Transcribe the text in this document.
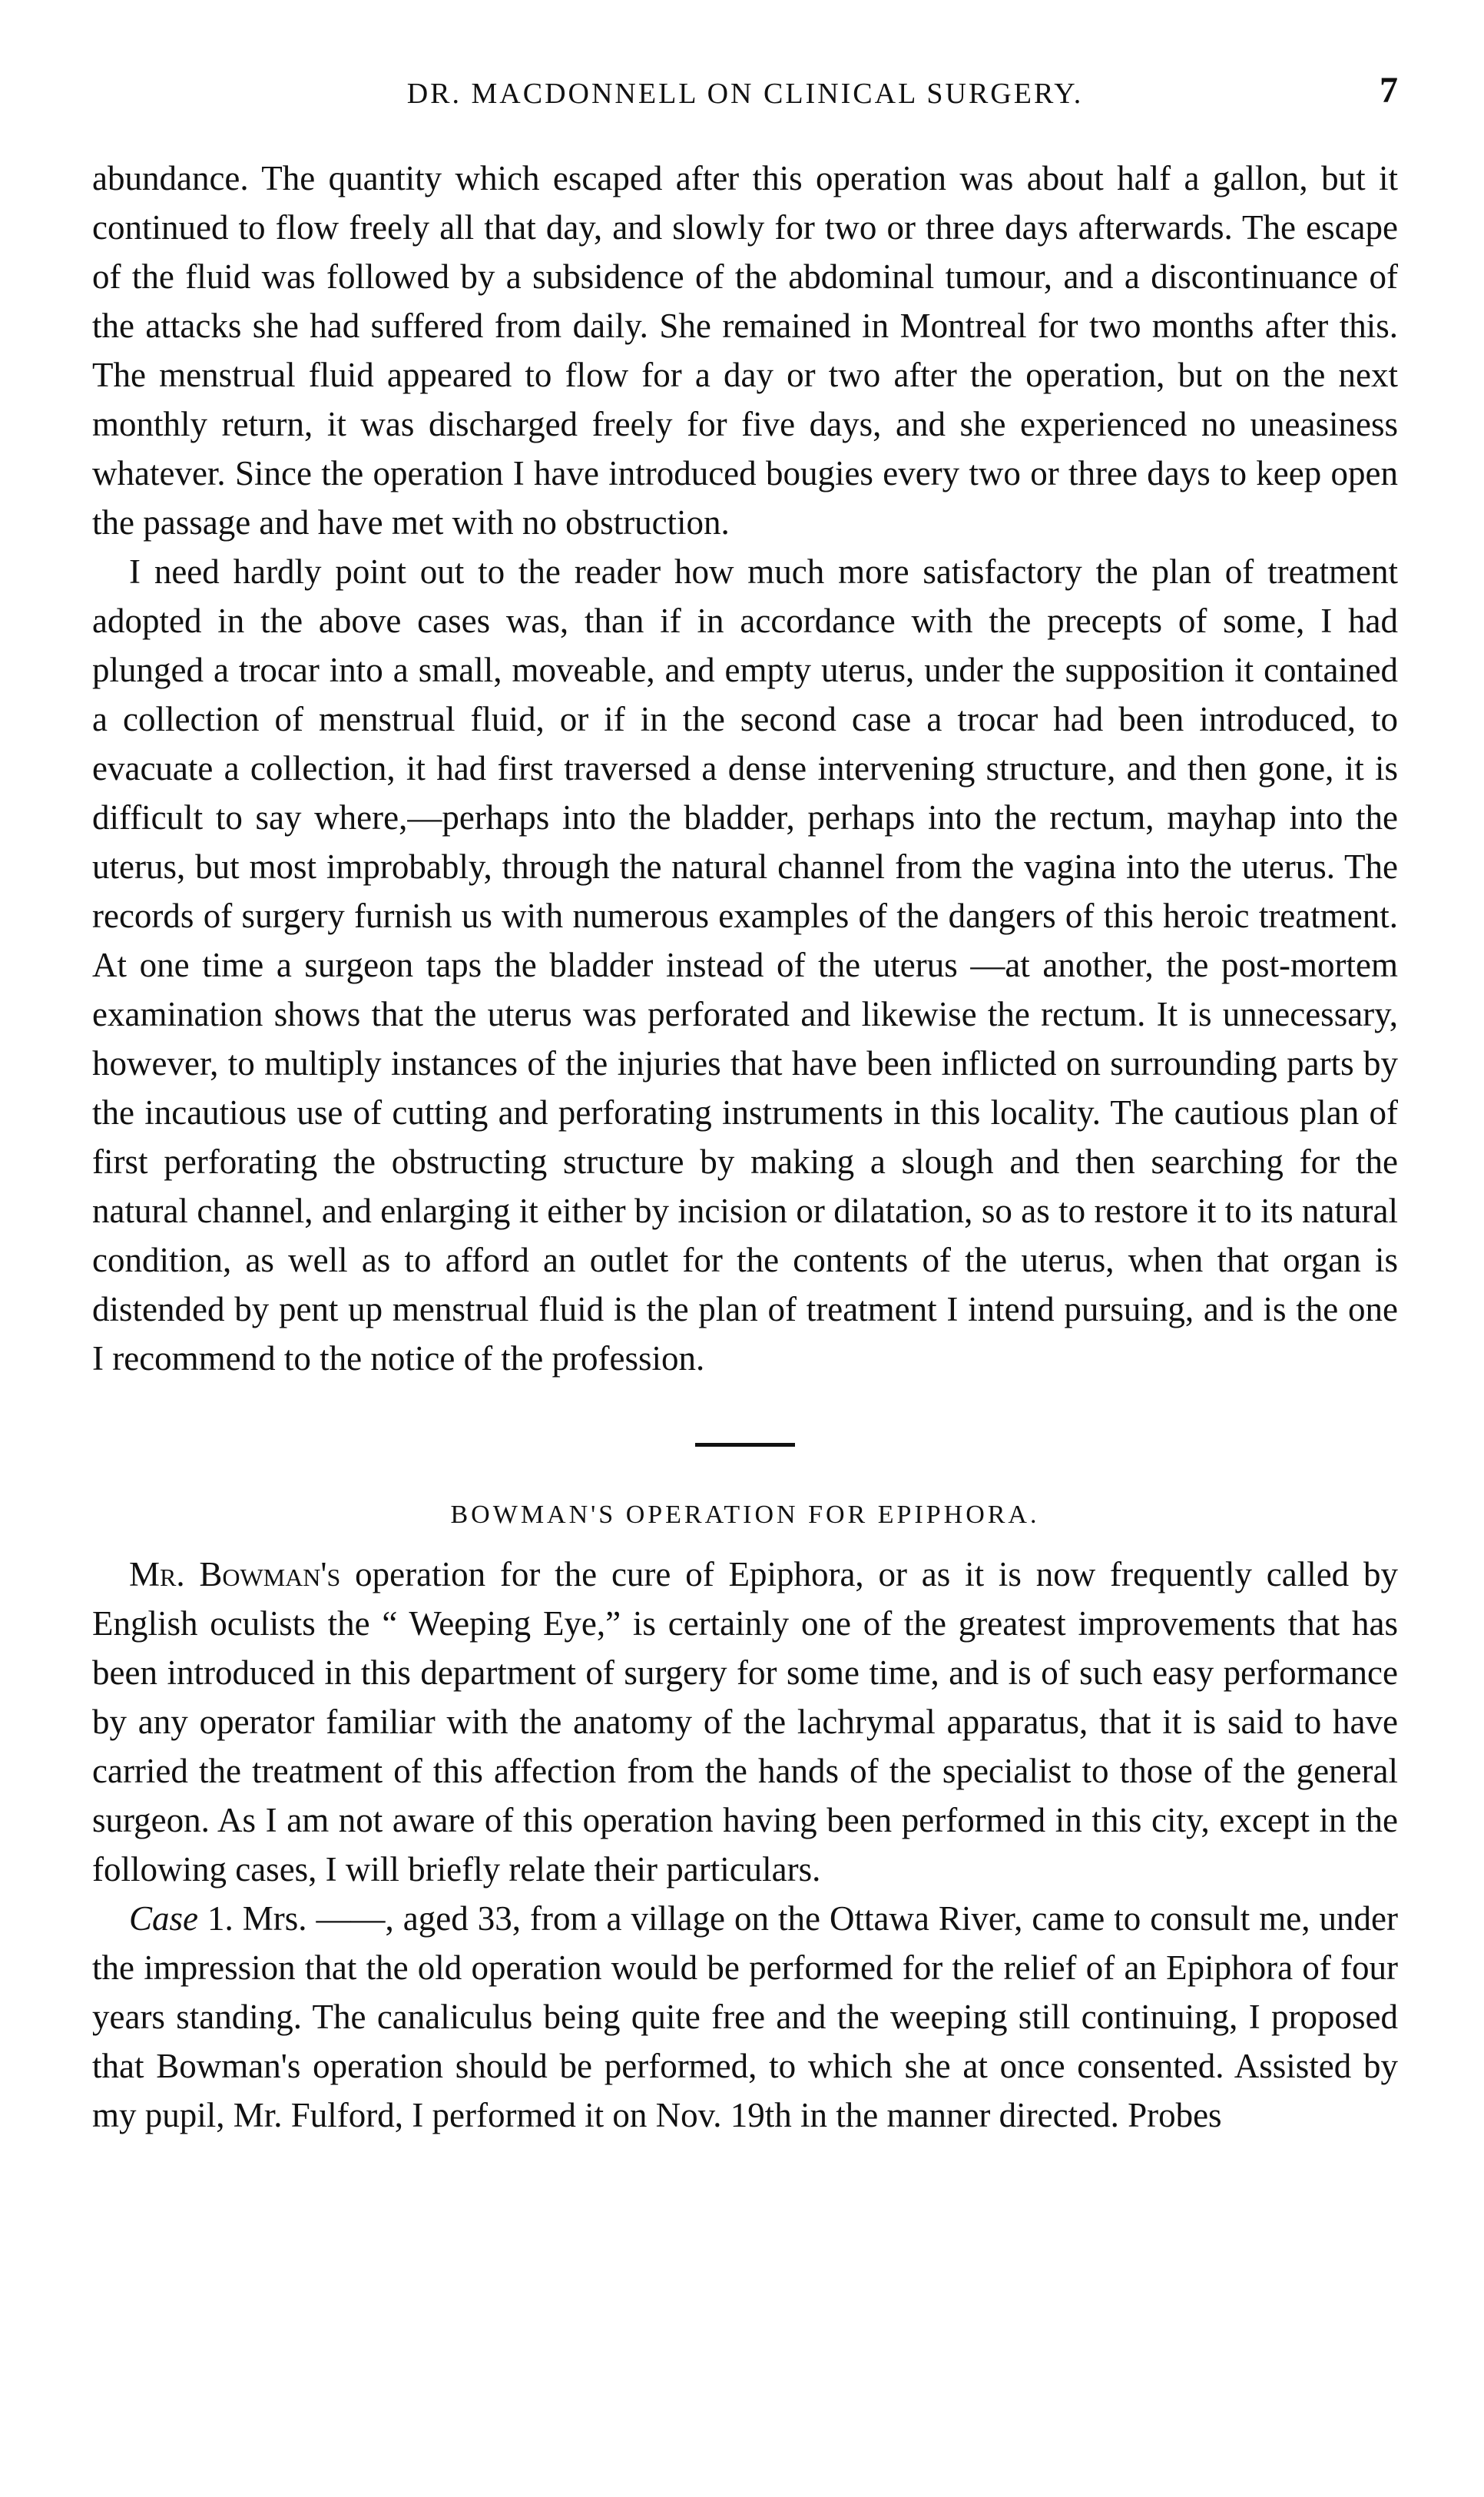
DR. MACDONNELL ON CLINICAL SURGERY.	7

abundance. The quantity which escaped after this operation was about half a gallon, but it continued to flow freely all that day, and slowly for two or three days afterwards. The escape of the fluid was followed by a subsidence of the abdominal tumour, and a discontinuance of the attacks she had suffered from daily. She remained in Montreal for two months after this. The menstrual fluid appeared to flow for a day or two after the operation, but on the next monthly return, it was discharged freely for five days, and she experienced no uneasiness whatever. Since the operation I have introduced bougies every two or three days to keep open the passage and have met with no obstruction.

I need hardly point out to the reader how much more satisfactory the plan of treatment adopted in the above cases was, than if in accordance with the precepts of some, I had plunged a trocar into a small, moveable, and empty uterus, under the supposition it contained a collection of menstrual fluid, or if in the second case a trocar had been introduced, to evacuate a collection, it had first traversed a dense intervening structure, and then gone, it is difficult to say where,—perhaps into the bladder, perhaps into the rectum, mayhap into the uterus, but most improbably, through the natural channel from the vagina into the uterus. The records of surgery furnish us with numerous examples of the dangers of this heroic treatment. At one time a surgeon taps the bladder instead of the uterus —at another, the post-mortem examination shows that the uterus was perforated and likewise the rectum. It is unnecessary, however, to multiply instances of the injuries that have been inflicted on surrounding parts by the incautious use of cutting and perforating instruments in this locality. The cautious plan of first perforating the obstructing structure by making a slough and then searching for the natural channel, and enlarging it either by incision or dilatation, so as to restore it to its natural condition, as well as to afford an outlet for the contents of the uterus, when that organ is distended by pent up menstrual fluid is the plan of treatment I intend pursuing, and is the one I recommend to the notice of the profession.

BOWMAN'S OPERATION FOR EPIPHORA.

Mr. Bowman's operation for the cure of Epiphora, or as it is now frequently called by English oculists the “ Weeping Eye,” is certainly one of the greatest improvements that has been introduced in this department of surgery for some time, and is of such easy performance by any operator familiar with the anatomy of the lachrymal apparatus, that it is said to have carried the treatment of this affection from the hands of the specialist to those of the general surgeon. As I am not aware of this operation having been performed in this city, except in the following cases, I will briefly relate their particulars.

Case 1. Mrs. ——, aged 33, from a village on the Ottawa River, came to consult me, under the impression that the old operation would be performed for the relief of an Epiphora of four years standing. The canaliculus being quite free and the weeping still continuing, I proposed that Bowman's operation should be performed, to which she at once consented. Assisted by my pupil, Mr. Fulford, I performed it on Nov. 19th in the manner directed. Probes
